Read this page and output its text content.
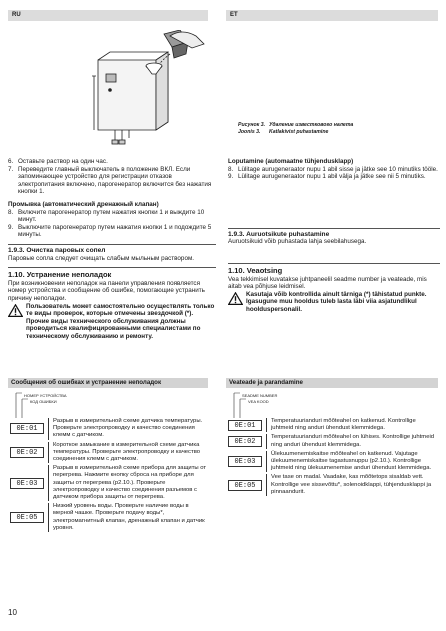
RU	ET
Рисунок 3. Удаление известкового налета
Joonis 3. Katlakivist puhastamine
6. Оставьте раствор на один час.
7. Переведите главный выключатель в положение ВКЛ. Если запоминающее устройство для регистрации отказов электропитания включено, парогенератор включится без нажатия кнопки 1.
Промывка (автоматический дренажный клапан)
8. Включите парогенератор путем нажатия кнопки 1 и выждите 10 минут.
9. Выключите парогенератор путем нажатия кнопки 1 и подождите 5 минуты.
1.9.3. Очистка паровых сопел
Паровые сопла следует очищать слабым мыльным раствором.
1.10. Устранение неполадок
При возникновении неполадок на панели управления появляется номер устройства и сообщение об ошибке, помогающие устранить причину неполадки.
Пользователь может самостоятельно осуществлять только те виды проверок, которые отмечены звездочкой (*). Прочие виды технического обслуживания должны проводиться квалифицированными специалистами по техническому обслуживанию и ремонту.
Loputamine (automaatne tühjendusklapp)
8. Lülitage aurugeneraator nupu 1 abil sisse ja jätke see 10 minutiks tööle.
9. Lülitage aurugeneraator nupu 1 abil välja ja jätke see nii 5 minutiks.
1.9.3. Auruotsikute puhastamine
Auruotsikuid võib puhastada lahja seebilahusega.
1.10. Veaotsing
Vea tekkimisel kuvatakse juhtpaneelil seadme number ja veateade, mis aitab vea põhjuse leidmisel.
Kasutaja võib kontrollida ainult tärniga (*) tähistatud punkte. Igasugune muu hooldus tuleb lasta läbi viia asjatundlikul hoolduspersonalil.
Сообщения об ошибках и устранение неполадок	Veateade ja parandamine
НОМЕР УСТРОЙСТВА
КОД ОШИБКИ
0E:01
Разрыв в измерительной схеме датчика температуры. Проверьте электропроводку и качество соединения клемм с датчиком.
0E:02
Короткое замыкание в измерительной схеме датчика температуры. Проверьте электропроводку и качество соединения клемм с датчиком.
0E:03
Разрыв в измерительной схеме прибора для защиты от перегрева. Нажмите кнопку сброса на приборе для защиты от перегрева (р2.10.). Проверьте электропроводку и качество соединения разъемов с датчиком прибора защиты от перегрева.
0E:05
Низкий уровень воды. Проверьте наличие воды в мерной чашке. Проверьте подачу воды*, электромагнитный клапан, дренажный клапан и датчик уровня.
SEADME NUMBER
VEA KOOD
0E:01
Temperatuurianduri mõõteahel on katkenud. Kontrollige juhtmeid ning anduri ühendust klemmidega.
0E:02
Temperatuurianduri mõõteahel on lühises. Kontrollige juhtmeid ning anduri ühendust klemmidega.
0E:03
Ülekuumenemiskaitse mõõteahel on katkenud. Vajutage ülekuumenemiskaitse tagastusnuppu (р2.10.). Kontrollige juhtmeid ning ülekuumenemise anduri ühendust klemmidega.
0E:05
Vee tase on madal. Vaadake, kas mõõtetops sisaldab vett. Kontrollige vee sissevõttu*, solenoidklappi, tühjendusklappi ja pinnaandurit.
10
